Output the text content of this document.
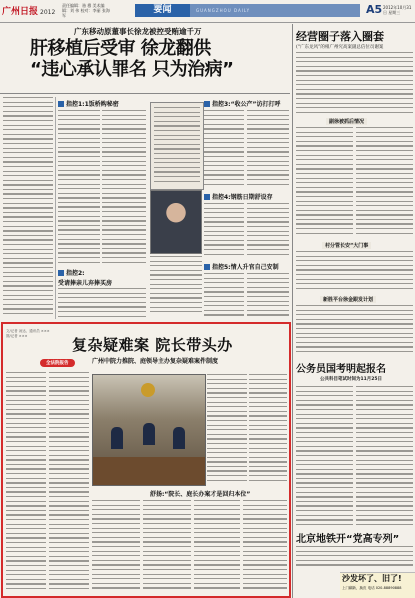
广州日报 2012
责任编辑：骆 穆 美术编辑：刘 伟 校对：李丽 张海军
要闻	GUANGZHOU DAILY	A5 2012年10月31日 星期三
广东移动原董事长徐龙被控受贿逾千万
肝移植后受审 徐龙翻供
“违心承认罪名 只为治病”
指控1:1饭桥购秘密
指控2:
受请捧亲儿弃捧买房
指控3:“收公产”访打打呼
指控4:钢筋日期舒设存
指控5:情人升官自己安制
经营圈子落入圈套
(“广东龙风”的相广州究高案副总信位员谢案
副徐被抓后情况
村分管长安“大门事
新胜平台徐金跟发计划
公务员国考明起报名
公共科目笔试时间为11月25日
北京地铁开“党高专列”
沙发坏了、旧了!
上门翻新，换皮 电话 020-88890888
文/记者 汤达、通讯员 ××× 图/记者 ×××
复杂疑难案 院长带头办
广州中院力推院、庭领导主办复杂疑难案件制度
全法院报告
舒扬:“院长、庭长办案才是回归本位”
